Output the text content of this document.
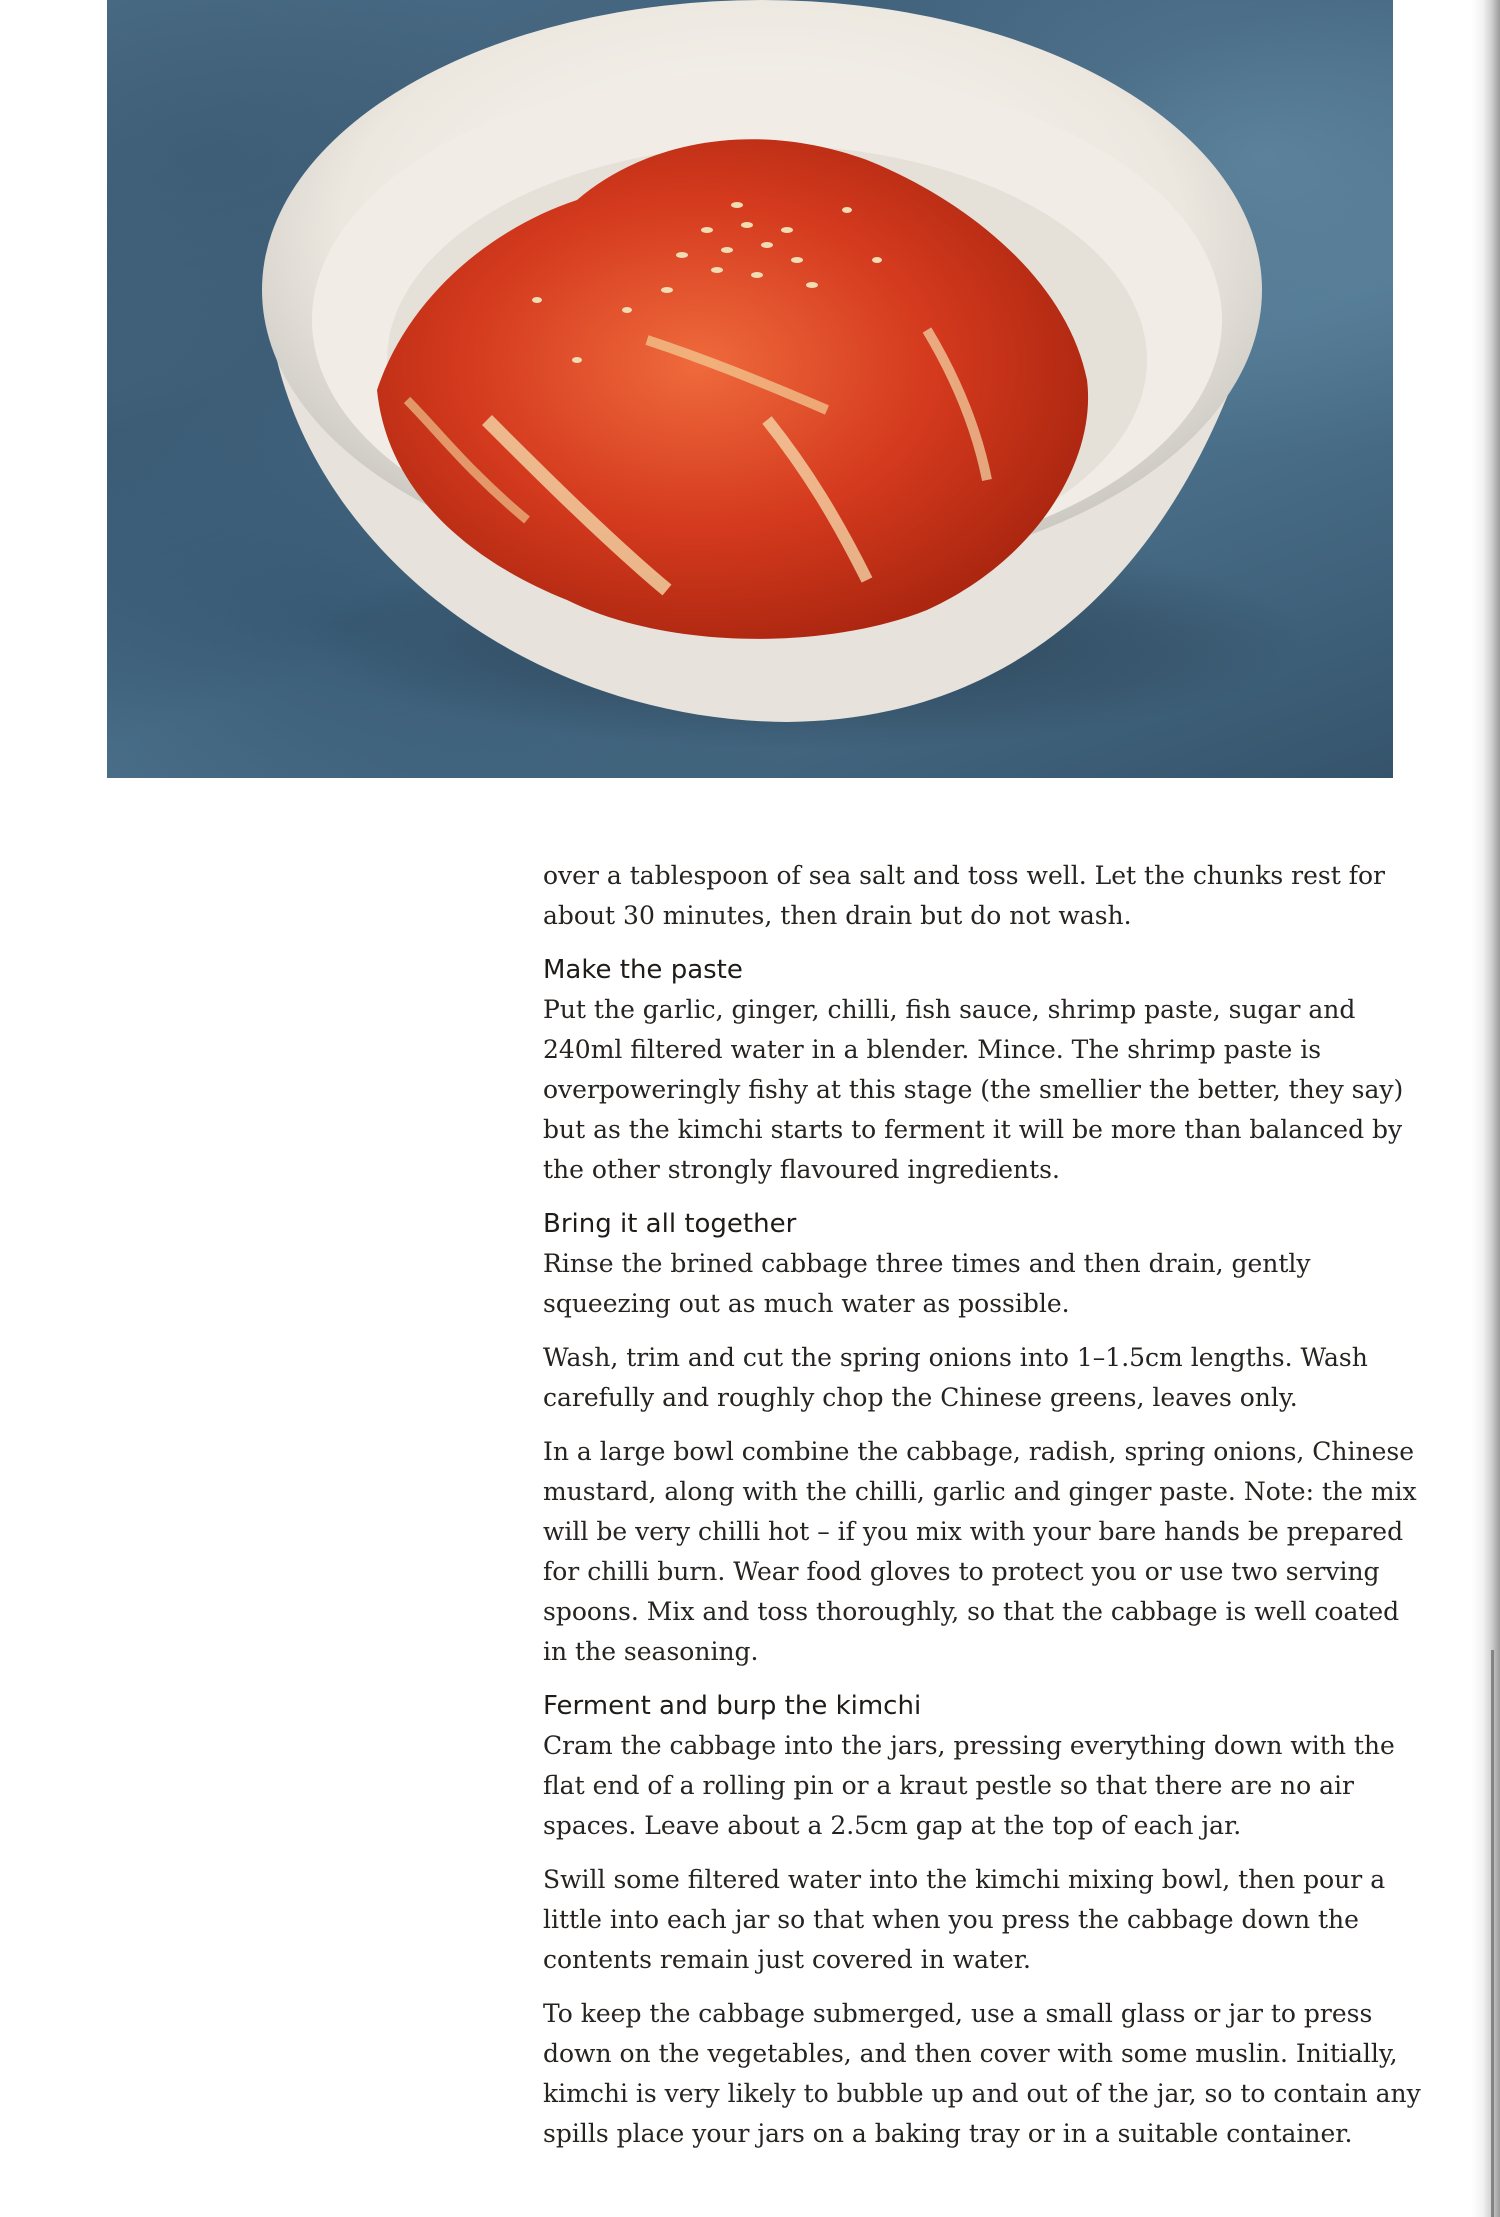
over a tablespoon of sea salt and toss well. Let the chunks rest for about 30 minutes, then drain but do not wash.

Make the paste

Put the garlic, ginger, chilli, fish sauce, shrimp paste, sugar and 240ml filtered water in a blender. Mince. The shrimp paste is overpoweringly fishy at this stage (the smellier the better, they say) but as the kimchi starts to ferment it will be more than balanced by the other strongly flavoured ingredients.

Bring it all together

Rinse the brined cabbage three times and then drain, gently squeezing out as much water as possible.

Wash, trim and cut the spring onions into 1–1.5cm lengths. Wash carefully and roughly chop the Chinese greens, leaves only.

In a large bowl combine the cabbage, radish, spring onions, Chinese mustard, along with the chilli, garlic and ginger paste. Note: the mix will be very chilli hot – if you mix with your bare hands be prepared for chilli burn. Wear food gloves to protect you or use two serving spoons. Mix and toss thoroughly, so that the cabbage is well coated in the seasoning.

Ferment and burp the kimchi

Cram the cabbage into the jars, pressing everything down with the flat end of a rolling pin or a kraut pestle so that there are no air spaces. Leave about a 2.5cm gap at the top of each jar.

Swill some filtered water into the kimchi mixing bowl, then pour a little into each jar so that when you press the cabbage down the contents remain just covered in water.

To keep the cabbage submerged, use a small glass or jar to press down on the vegetables, and then cover with some muslin. Initially, kimchi is very likely to bubble up and out of the jar, so to contain any spills place your jars on a baking tray or in a suitable container.
